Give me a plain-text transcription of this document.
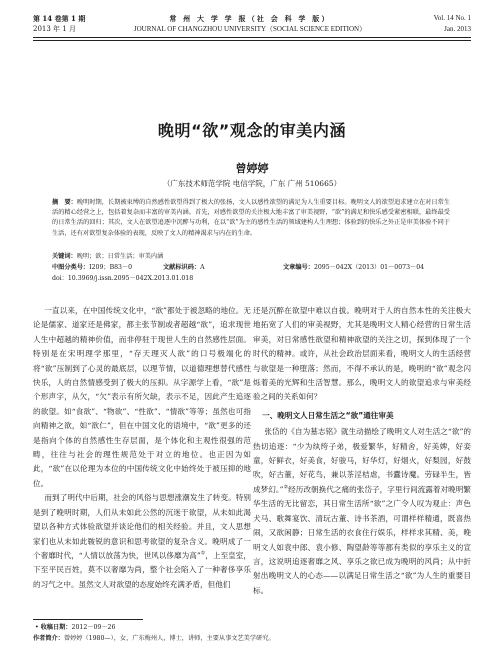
第 14 卷第 1 期
2013 年 1 月
常 州 大 学 学 报（社 会 科 学 版）
JOURNAL OF CHANGZHOU UNIVERSITY（SOCIAL SCIENCE EDITION）
Vol. 14 No. 1
Jan. 2013
晚明“欲”观念的审美内涵
曾婷婷
（广东技术师范学院 电信学院，广东 广州 510665）
摘　要：晚明时期，长期被束缚的自然感性欲望得到了极大的张扬，文人以感性欲望的满足为人生重要目标。晚明文人的欲望追求建立在对日常生活的精心经营之上，包括着复杂而丰富的审美内涵。首先，对感性欲望的关注极大地丰富了审美视野，“欲”的满足和快乐感受紧密相联，最终最受的日常生活的回归；其次，文人在欲望追逐中沉醉与功利，在以“欲”为主的感性生活的领域建构人生理想；体验到的快乐之外正是审美体验不同于生活，还有对欲望复杂体验的表现，反映了文人的精神渴求与内在的生命。
关键词：晚明；欲；日常生活；审美内涵
中图分类号：I209；B83－0	文献标识码：A	文章编号：2095－042X（2013）01－0073－04
doi：10.3969/j.issn.2095－042X.2013.01.018

一直以来，在中国传统文化中，“欲”都处于被忽略的地位。无论是儒家、道家还是佛家，都主张节制或者超越“欲”，追求现世人生中超越的精神价值，而非停驻于现世人生的自然感性层面。特别是在宋明理学那里，“存天理灭人欲”的口号极端化的将“欲”压制到了心灵的最底层，以理节情，以道德理想替代感性快乐，人的自然情感受到了极大的压抑。从字源学上看，“欲”是个形声字，从欠，“欠”表示有所欠缺，表示不足，因此产生追逐的欲望。如“食欲”、“物欲”、“性欲”、“情欲”等等；虽然也可指向精神之欲，如“欲仁”，但在中国文化的语境中，“欲”更多的还是指向个体的自然感性生存层面，是个体化和主观性很强的范畴，往往与社会的理性规范处于对立的地位。也正因为如此，“欲”在以伦理为本位的中国传统文化中始终处于被压抑的地位。

而到了明代中后期，社会的风俗与思想涨潮发生了转变。特别是到了晚明时期，人们从未如此公然的沉迷于欲望，从未如此渴望以各种方式体验欲望并谈论他们的相关经验。并且，文人思想家们也从未如此皲锐的意识和思考欲望的复杂含义。晚明成了一个奢靡时代，“人情以放荡为快，世风以侈靡为高”①，上至皇室，下至平民百姓，莫不以奢靡为尚，整个社会陷入了一种奢侈享乐的习气之中。虽然文人对欲望的态度始终充满矛盾，但他们

还是沉醉在欲望中难以自拔。晚明对于人的自然本性的关注极大地拓宽了人们的审美视野，尤其是晚明文人精心经营的日常生活审美，对日常感性欲望和精神欲望的关注之切，探到体现了一个时代的精神。或许，从社会政治层面来看，晚明文人的生活经营与欲望是一种堕落；然而，不得不承认的是，晚明的“欲”观念闪烁着美的光辉和生活智慧。那么，晚明文人的欲望追求与审美经验之间的关系如何？

一、晚明文人日常生活之“欲”通往审美

张岱的《自为墓志铭》就生动描绘了晚明文人对生活之“欲”的热切追逐：“少为纨绔子弟，极爱繁华，好精舍，好美婢，好娈童，好鲜衣，好美食，好骏马，好华灯，好烟火，好梨园，好鼓吹，好古董，好花鸟，兼以茶淫桔虐，书蠹诗魔。劳碌半生，皆成梦幻。”②经历改朝换代之痛的张岱子，字里行间流露着对晚明繁华生活的无比留恋，其日常生活所“欲”之广令人叹为观止：声色犬马、歌舞宴饮、清玩古董、诗书茶酒，可谓样样精通，既喜热闹，又欲闲静；日常生活的衣食住行娱乐，样样求其精、美，晚明文人如袁中郎、袁小修、陶望龄等等都有类似的享乐主义的宣言，这说明追逐奢靡之风、享乐之欲已成为晚明的风尚；从中折射出晚明文人的心态——以满足日常生活之“欲”为人生的重要目标。

• 收稿日期：2012－09－26
作者简介：曾婷婷（1980—），女，广东梅州人，博士，讲师，主要从事文艺美学研究。
